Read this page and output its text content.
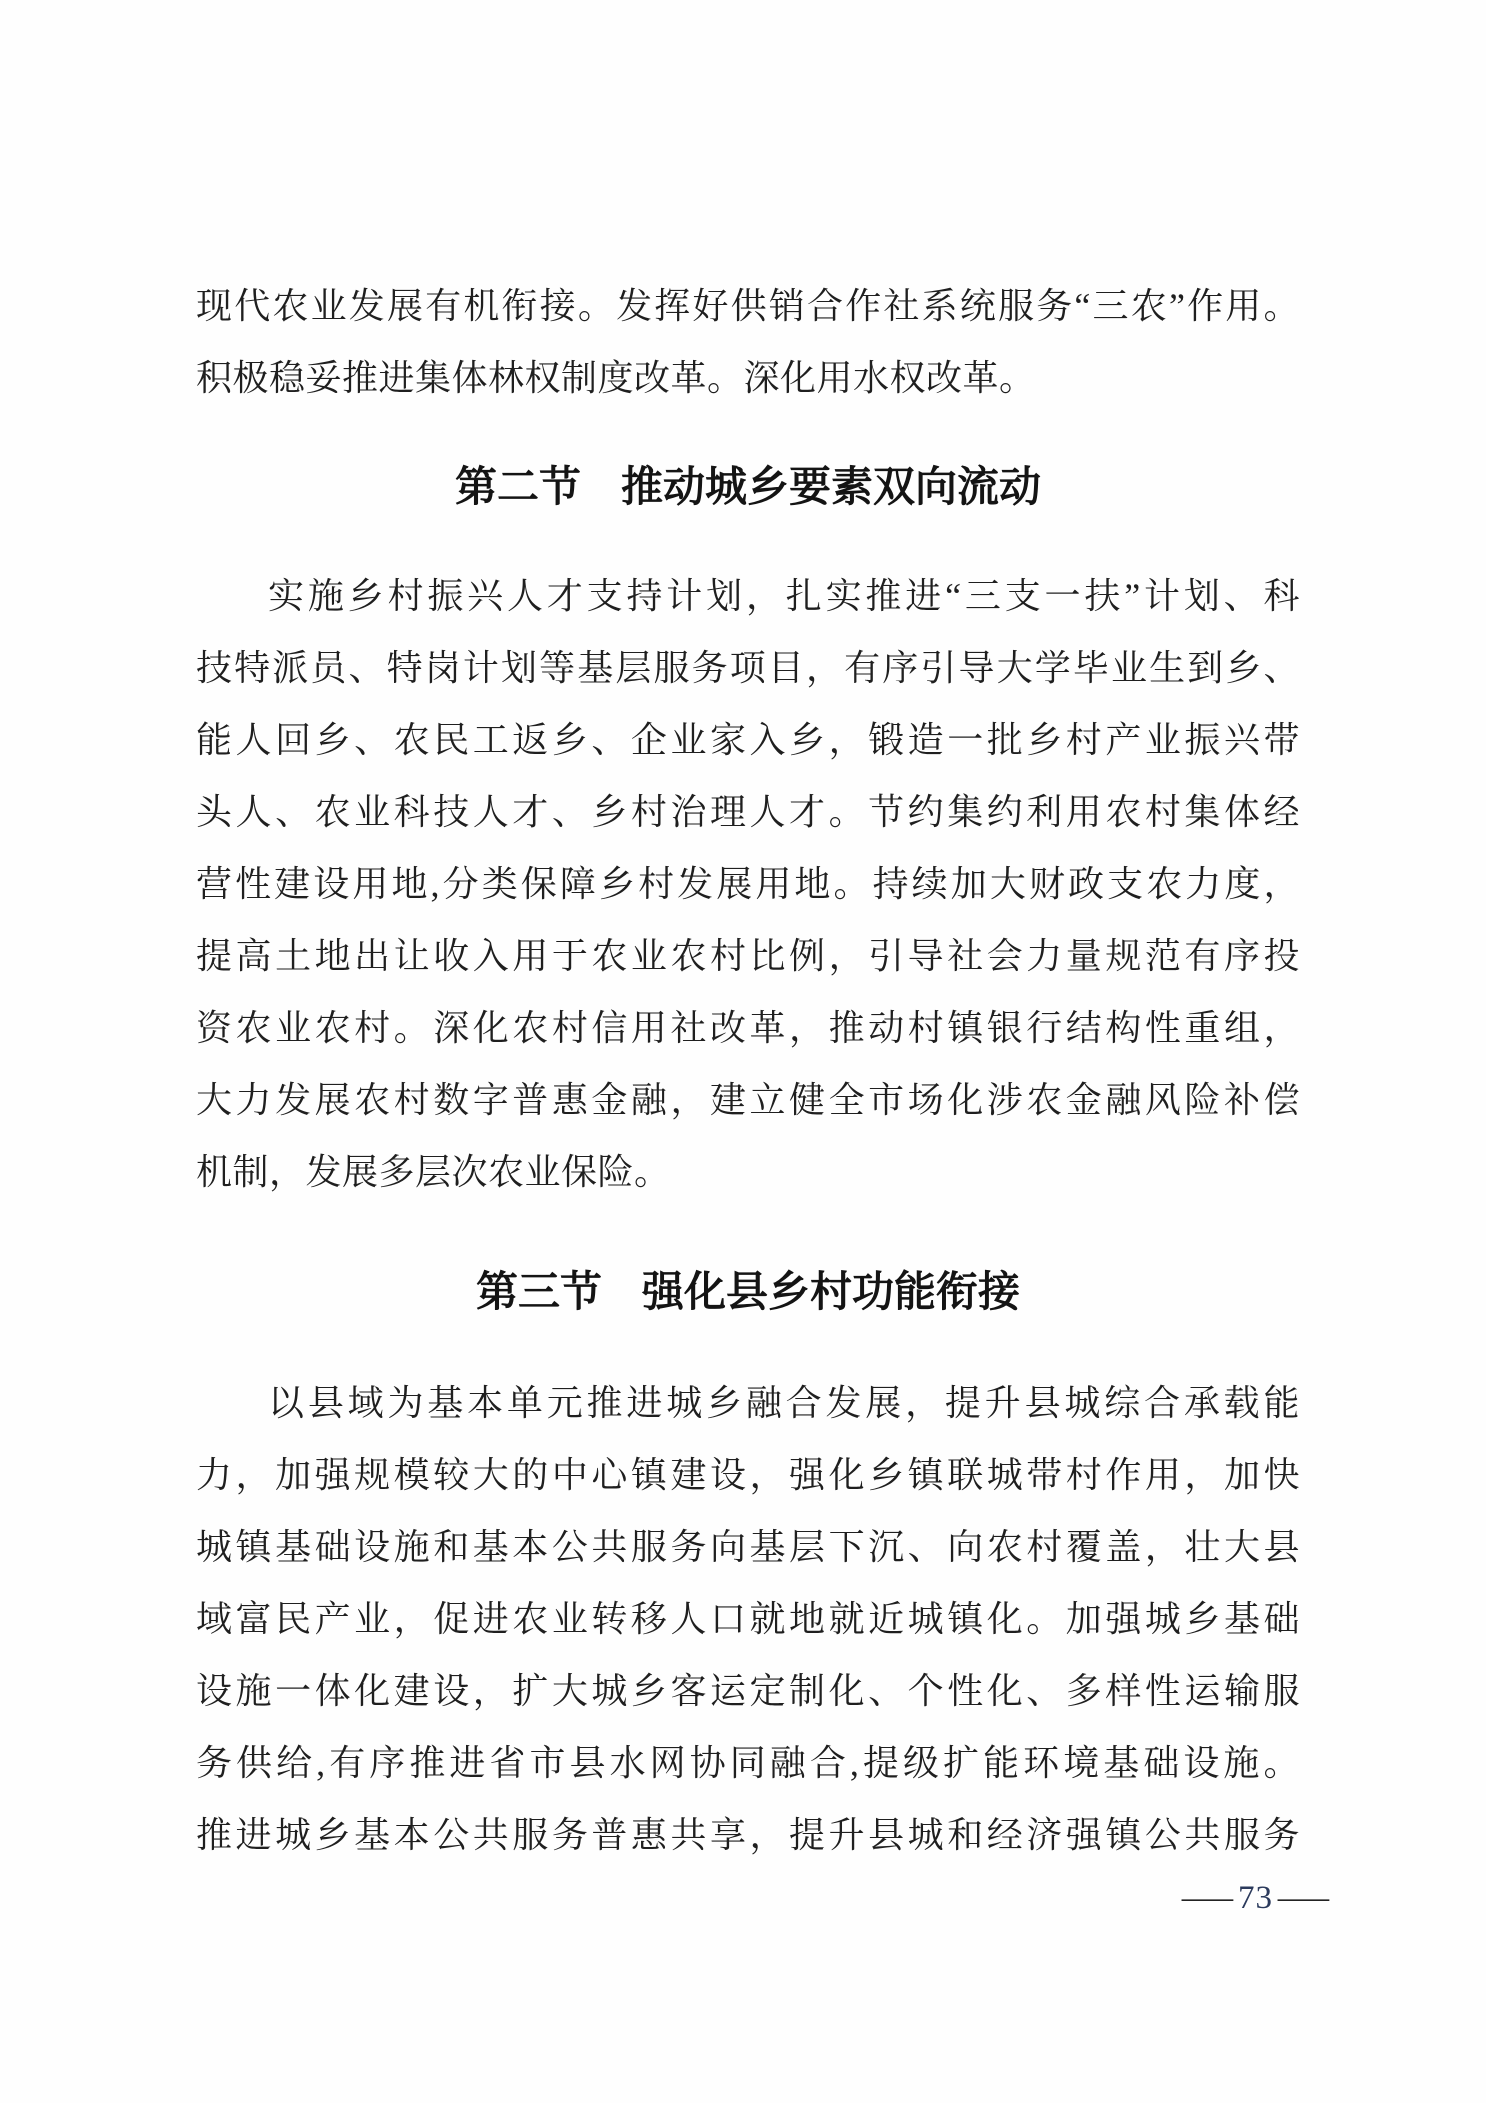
现代农业发展有机衔接。发挥好供销合作社系统服务“三农”作用。
积极稳妥推进集体林权制度改革。深化用水权改革。

第二节 推动城乡要素双向流动

实施乡村振兴人才支持计划，扎实推进“三支一扶”计划、科
技特派员、特岗计划等基层服务项目，有序引导大学毕业生到乡、
能人回乡、农民工返乡、企业家入乡，锻造一批乡村产业振兴带
头人、农业科技人才、乡村治理人才。节约集约利用农村集体经
营性建设用地,分类保障乡村发展用地。持续加大财政支农力度，
提高土地出让收入用于农业农村比例，引导社会力量规范有序投
资农业农村。深化农村信用社改革，推动村镇银行结构性重组，
大力发展农村数字普惠金融，建立健全市场化涉农金融风险补偿
机制，发展多层次农业保险。

第三节 强化县乡村功能衔接

以县域为基本单元推进城乡融合发展，提升县城综合承载能
力，加强规模较大的中心镇建设，强化乡镇联城带村作用，加快
城镇基础设施和基本公共服务向基层下沉、向农村覆盖，壮大县
域富民产业，促进农业转移人口就地就近城镇化。加强城乡基础
设施一体化建设，扩大城乡客运定制化、个性化、多样性运输服
务供给,有序推进省市县水网协同融合,提级扩能环境基础设施。
推进城乡基本公共服务普惠共享，提升县城和经济强镇公共服务

— 73 —
